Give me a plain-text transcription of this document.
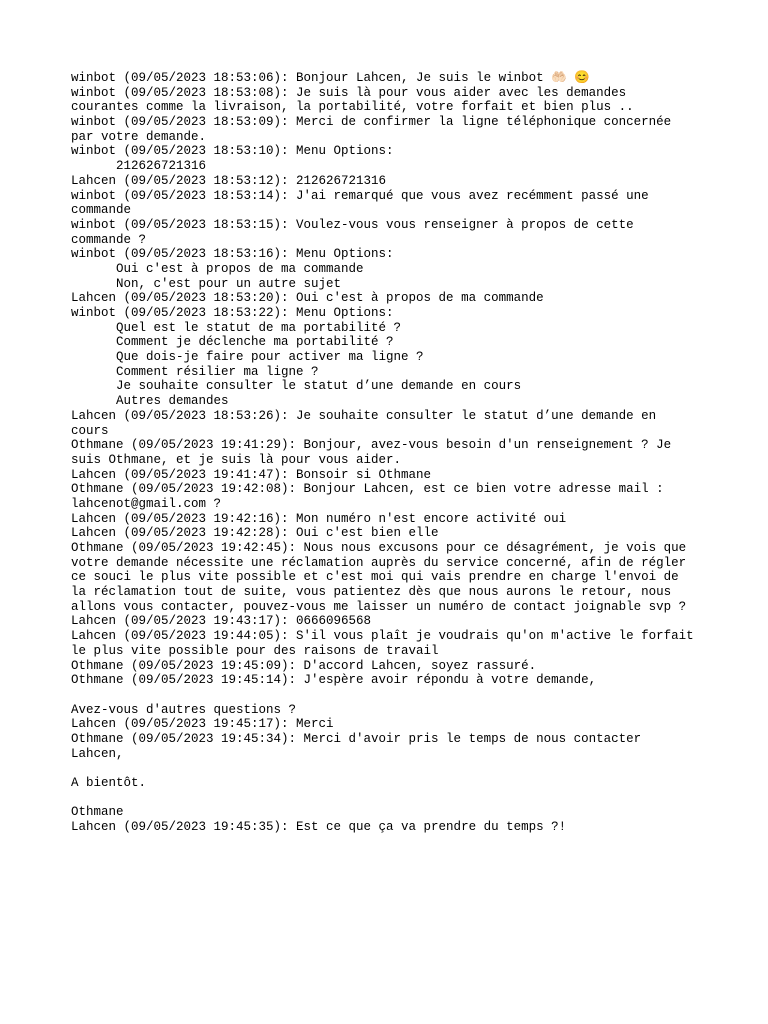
winbot (09/05/2023 18:53:06): Bonjour Lahcen, Je suis le winbot 🤲🏻 😊
winbot (09/05/2023 18:53:08): Je suis là pour vous aider avec les demandes
courantes comme la livraison, la portabilité, votre forfait et bien plus ..
winbot (09/05/2023 18:53:09): Merci de confirmer la ligne téléphonique concernée
par votre demande.
winbot (09/05/2023 18:53:10): Menu Options:
212626721316
Lahcen (09/05/2023 18:53:12): 212626721316
winbot (09/05/2023 18:53:14): J'ai remarqué que vous avez recémment passé une
commande
winbot (09/05/2023 18:53:15): Voulez-vous vous renseigner à propos de cette
commande ?
winbot (09/05/2023 18:53:16): Menu Options:
Oui c'est à propos de ma commande
Non, c'est pour un autre sujet
Lahcen (09/05/2023 18:53:20): Oui c'est à propos de ma commande
winbot (09/05/2023 18:53:22): Menu Options:
Quel est le statut de ma portabilité ?
Comment je déclenche ma portabilité ?
Que dois-je faire pour activer ma ligne ?
Comment résilier ma ligne ?
Je souhaite consulter le statut d’une demande en cours
Autres demandes
Lahcen (09/05/2023 18:53:26): Je souhaite consulter le statut d’une demande en
cours
Othmane (09/05/2023 19:41:29): Bonjour, avez-vous besoin d'un renseignement ? Je
suis Othmane, et je suis là pour vous aider.
Lahcen (09/05/2023 19:41:47): Bonsoir si Othmane
Othmane (09/05/2023 19:42:08): Bonjour Lahcen, est ce bien votre adresse mail :
lahcenot@gmail.com ?
Lahcen (09/05/2023 19:42:16): Mon numéro n'est encore activité oui
Lahcen (09/05/2023 19:42:28): Oui c'est bien elle
Othmane (09/05/2023 19:42:45): Nous nous excusons pour ce désagrément, je vois que
votre demande nécessite une réclamation auprès du service concerné, afin de régler
ce souci le plus vite possible et c'est moi qui vais prendre en charge l'envoi de
la réclamation tout de suite, vous patientez dès que nous aurons le retour, nous
allons vous contacter, pouvez-vous me laisser un numéro de contact joignable svp ?
Lahcen (09/05/2023 19:43:17): 0666096568
Lahcen (09/05/2023 19:44:05): S'il vous plaît je voudrais qu'on m'active le forfait
le plus vite possible pour des raisons de travail
Othmane (09/05/2023 19:45:09): D'accord Lahcen, soyez rassuré.
Othmane (09/05/2023 19:45:14): J'espère avoir répondu à votre demande,
Avez-vous d'autres questions ?
Lahcen (09/05/2023 19:45:17): Merci
Othmane (09/05/2023 19:45:34): Merci d'avoir pris le temps de nous contacter
Lahcen,
A bientôt.
Othmane
Lahcen (09/05/2023 19:45:35): Est ce que ça va prendre du temps ?!
